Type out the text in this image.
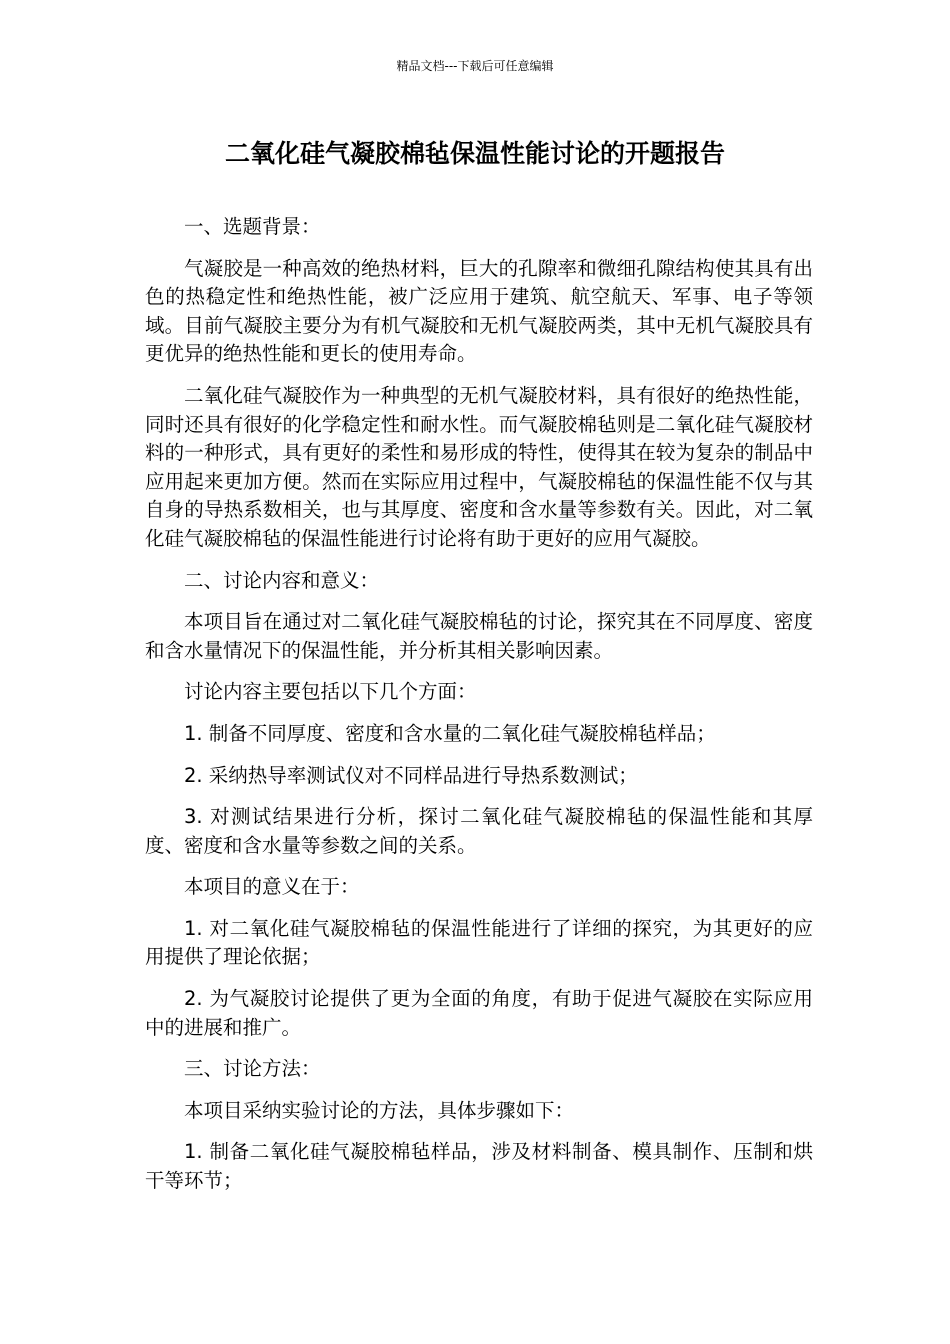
精品文档---下载后可任意编辑
二氧化硅气凝胶棉毡保温性能讨论的开题报告

一、选题背景：

气凝胶是一种高效的绝热材料，巨大的孔隙率和微细孔隙结构使其具有出色的热稳定性和绝热性能，被广泛应用于建筑、航空航天、军事、电子等领域。目前气凝胶主要分为有机气凝胶和无机气凝胶两类，其中无机气凝胶具有更优异的绝热性能和更长的使用寿命。

二氧化硅气凝胶作为一种典型的无机气凝胶材料，具有很好的绝热性能，同时还具有很好的化学稳定性和耐水性。而气凝胶棉毡则是二氧化硅气凝胶材料的一种形式，具有更好的柔性和易形成的特性，使得其在较为复杂的制品中应用起来更加方便。然而在实际应用过程中，气凝胶棉毡的保温性能不仅与其自身的导热系数相关，也与其厚度、密度和含水量等参数有关。因此，对二氧化硅气凝胶棉毡的保温性能进行讨论将有助于更好的应用气凝胶。

二、讨论内容和意义：

本项目旨在通过对二氧化硅气凝胶棉毡的讨论，探究其在不同厚度、密度和含水量情况下的保温性能，并分析其相关影响因素。

讨论内容主要包括以下几个方面：

1. 制备不同厚度、密度和含水量的二氧化硅气凝胶棉毡样品；

2. 采纳热导率测试仪对不同样品进行导热系数测试；

3. 对测试结果进行分析，探讨二氧化硅气凝胶棉毡的保温性能和其厚度、密度和含水量等参数之间的关系。

本项目的意义在于：

1. 对二氧化硅气凝胶棉毡的保温性能进行了详细的探究，为其更好的应用提供了理论依据；

2. 为气凝胶讨论提供了更为全面的角度，有助于促进气凝胶在实际应用中的进展和推广。

三、讨论方法：

本项目采纳实验讨论的方法，具体步骤如下：

1. 制备二氧化硅气凝胶棉毡样品，涉及材料制备、模具制作、压制和烘干等环节；
